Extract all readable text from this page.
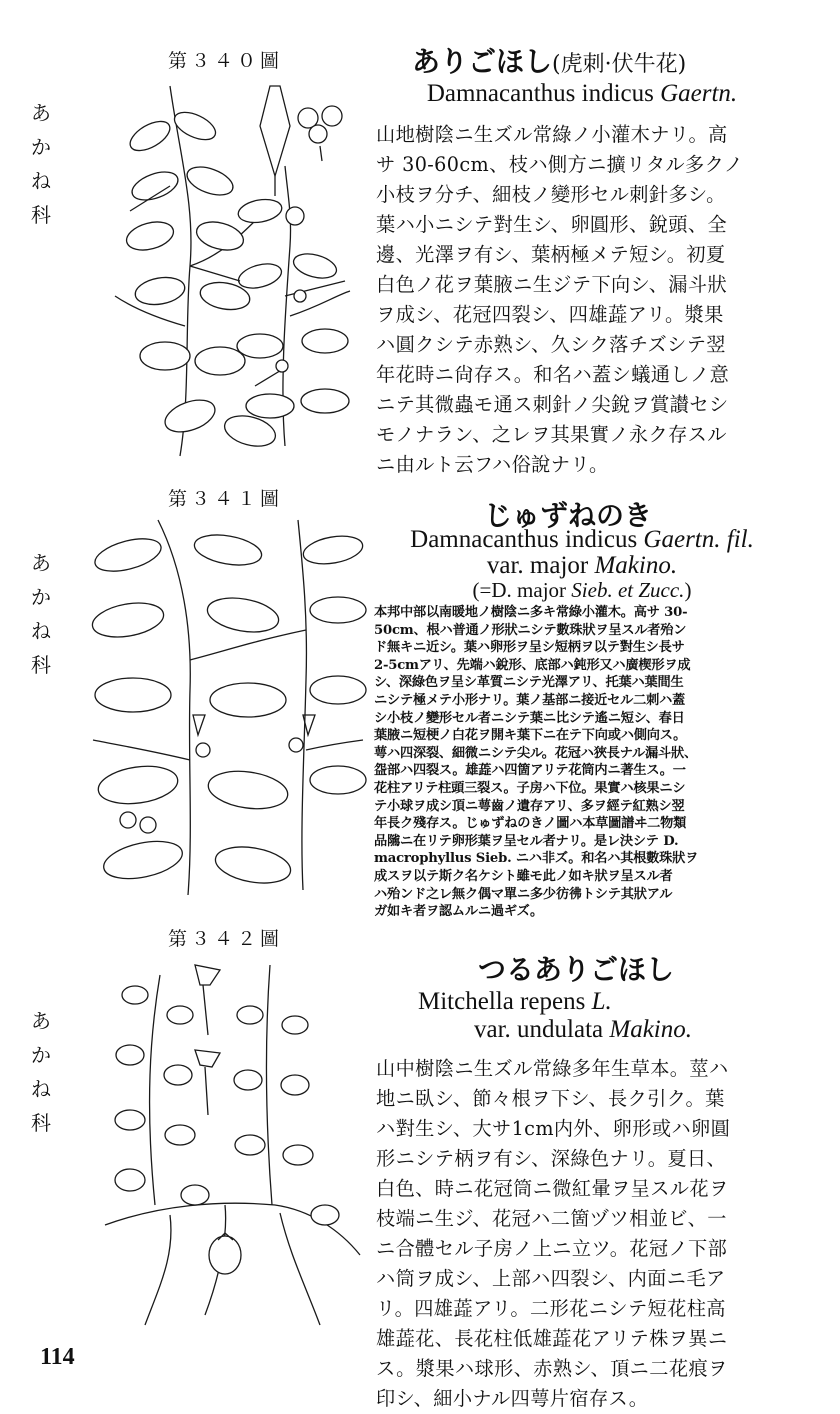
第３４０圖
あ
か
ね
科
ありごほし(虎刺·伏牛花)
Damnacanthus indicus Gaertn.
山地樹陰ニ生ズル常綠ノ小灌木ナリ。高
サ 30-60cm、枝ハ側方ニ擴リタル多クノ
小枝ヲ分チ、細枝ノ變形セル刺針多シ。
葉ハ小ニシテ對生シ、卵圓形、銳頭、全
邊、光澤ヲ有シ、葉柄極メテ短シ。初夏
白色ノ花ヲ葉腋ニ生ジテ下向シ、漏斗狀
ヲ成シ、花冠四裂シ、四雄蕋アリ。漿果
ハ圓クシテ赤熟シ、久シク落チズシテ翌
年花時ニ尙存ス。和名ハ蓋シ蟻通しノ意
ニテ其微蟲モ通ス刺針ノ尖銳ヲ賞讃セシ
モノナラン、之レヲ其果實ノ永ク存スル
ニ由ルト云フハ俗說ナリ。
第３４１圖
あ
か
ね
科
じゅずねのき
Damnacanthus indicus Gaertn. fil.
var. major Makino.
(=D. major Sieb. et Zucc.)
本邦中部以南暖地ノ樹陰ニ多キ常綠小灌木。高サ 30-
50cm、根ハ普通ノ形狀ニシテ數珠狀ヲ呈スル者殆ン
ド無キニ近シ。葉ハ卵形ヲ呈シ短柄ヲ以テ對生シ長サ
2-5cmアリ、先端ハ銳形、底部ハ鈍形又ハ廣楔形ヲ成
シ、深綠色ヲ呈シ革質ニシテ光澤アリ、托葉ハ葉間生
ニシテ極メテ小形ナリ。葉ノ基部ニ接近セル二刺ハ蓋
シ小枝ノ變形セル者ニシテ葉ニ比シテ遙ニ短シ、春日
葉腋ニ短梗ノ白花ヲ開キ葉下ニ在テ下向或ハ側向ス。
萼ハ四深裂、細微ニシテ尖ル。花冠ハ狹長ナル漏斗狀、
盌部ハ四裂ス。雄蕋ハ四箇アリテ花筒内ニ著生ス。一
花柱アリテ柱頭三裂ス。子房ハ下位。果實ハ核果ニシ
テ小球ヲ成シ頂ニ萼齒ノ遺存アリ、多ヲ經テ紅熟シ翌
年長ク殘存ス。じゅずねのきノ圖ハ本草圖譜ヰ二物類
品隲ニ在リテ卵形葉ヲ呈セル者ナリ。是レ決シテ D.
macrophyllus Sieb. ニハ非ズ。和名ハ其根數珠狀ヲ
成スヲ以テ斯ク名ケシト雖モ此ノ如キ狀ヲ呈スル者
ハ殆ンド之レ無ク偶マ單ニ多少彷彿トシテ其狀アル
ガ如キ者ヲ認ムルニ過ギズ。
第３４２圖
あ
か
ね
科
つるありごほし
Mitchella repens L.
var. undulata Makino.
山中樹陰ニ生ズル常綠多年生草本。莖ハ
地ニ臥シ、節々根ヲ下シ、長ク引ク。葉
ハ對生シ、大サ1cm内外、卵形或ハ卵圓
形ニシテ柄ヲ有シ、深綠色ナリ。夏日、
白色、時ニ花冠筒ニ微紅暈ヲ呈スル花ヲ
枝端ニ生ジ、花冠ハ二箇ヅツ相並ビ、一
ニ合體セル子房ノ上ニ立ツ。花冠ノ下部
ハ筒ヲ成シ、上部ハ四裂シ、内面ニ毛ア
リ。四雄蕋アリ。二形花ニシテ短花柱高
雄蕋花、長花柱低雄蕋花アリテ株ヲ異ニ
ス。漿果ハ球形、赤熟シ、頂ニ二花痕ヲ
印シ、細小ナル四萼片宿存ス。
114
